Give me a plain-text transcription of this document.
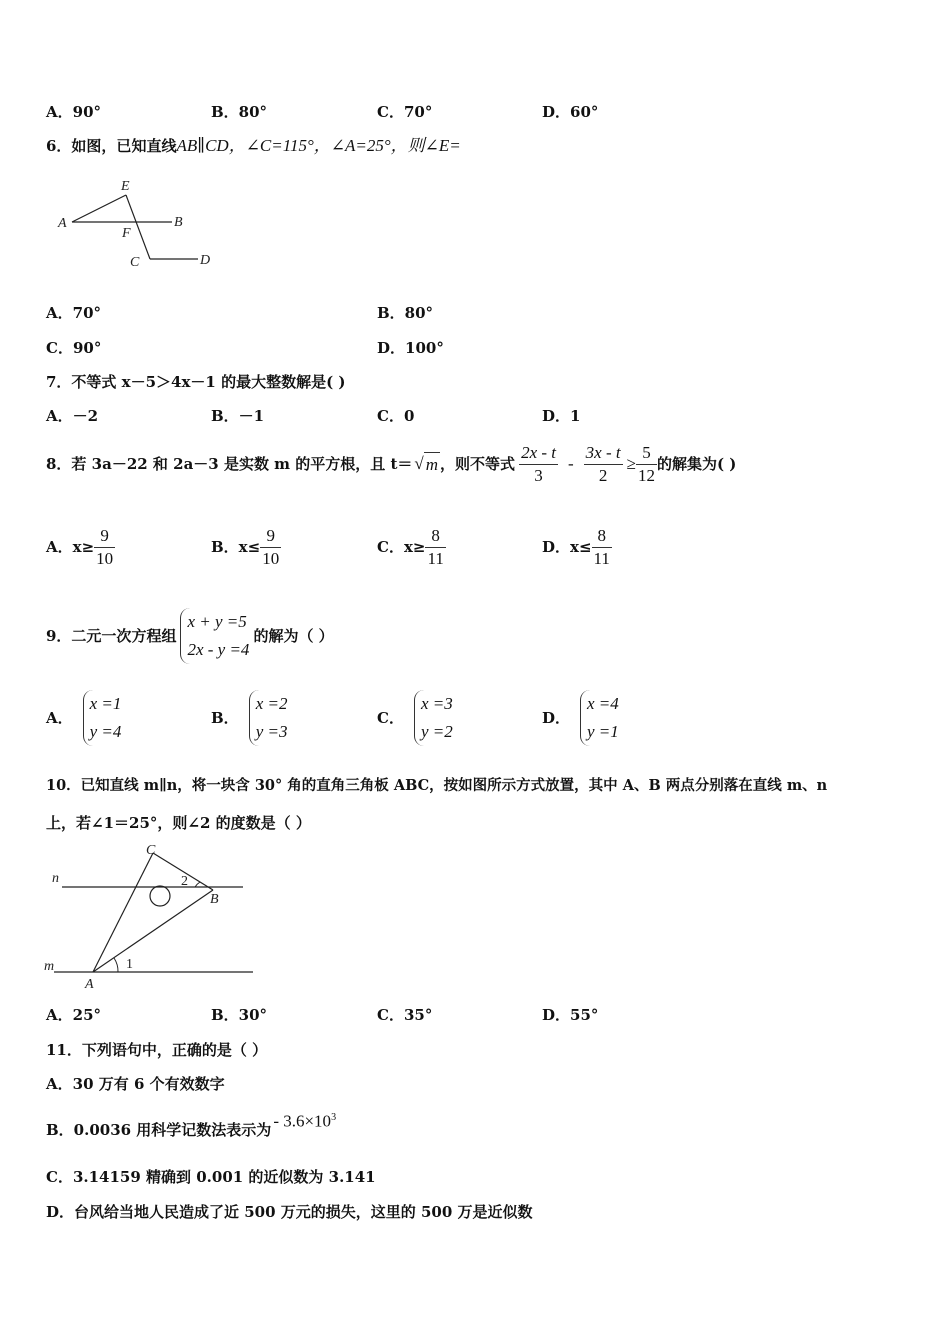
A．90°	B．80°	C．70°	D．60°
6．如图，已知直线AB∥CD，∠C=115°，∠A=25°，则∠E=
A	B
C	D
E
F
A．70°	B．80°
C．90°	D．100°
7．不等式 x－5＞4x－1 的最大整数解是( )
A．－2	B．－1	C．0	D．1
8．若 3a－22 和 2a－3 是实数 m 的平方根，且 t＝ √ m ，则不等式 $\frac{2x - t}{3} - \frac{3x - t}{2} \ge \frac{5}{12}$ 的解集为( )
A．$x\ge \frac{9}{10}$	B．$x\le \frac{9}{10}$	C．$x\ge \frac{8}{11}$	D．$x\le \frac{8}{11}$
9．二元一次方程组
x + y =5
2x - y =4
的解为（ ）
A．
x =1
y =4
B．
x =2
y =3
C．
x =3
y =2
D．
x =4
y =1
10．已知直线 m∥n，将一块含 30° 角的直角三角板 ABC，按如图所示方式放置，其中 A、B 两点分别落在直线 m、n
上，若∠1＝25°，则∠2 的度数是（ ）
C
n
m
A
B
1
2
A．25°	B．30°	C．35°	D．55°
11．下列语句中，正确的是（ ）
A．30 万有 6 个有效数字
B．0.0036 用科学记数法表示为 - $3.6\times 10^3$
C．3.14159 精确到 0.001 的近似数为 3.141
D．台风给当地人民造成了近 500 万元的损失，这里的 500 万是近似数
